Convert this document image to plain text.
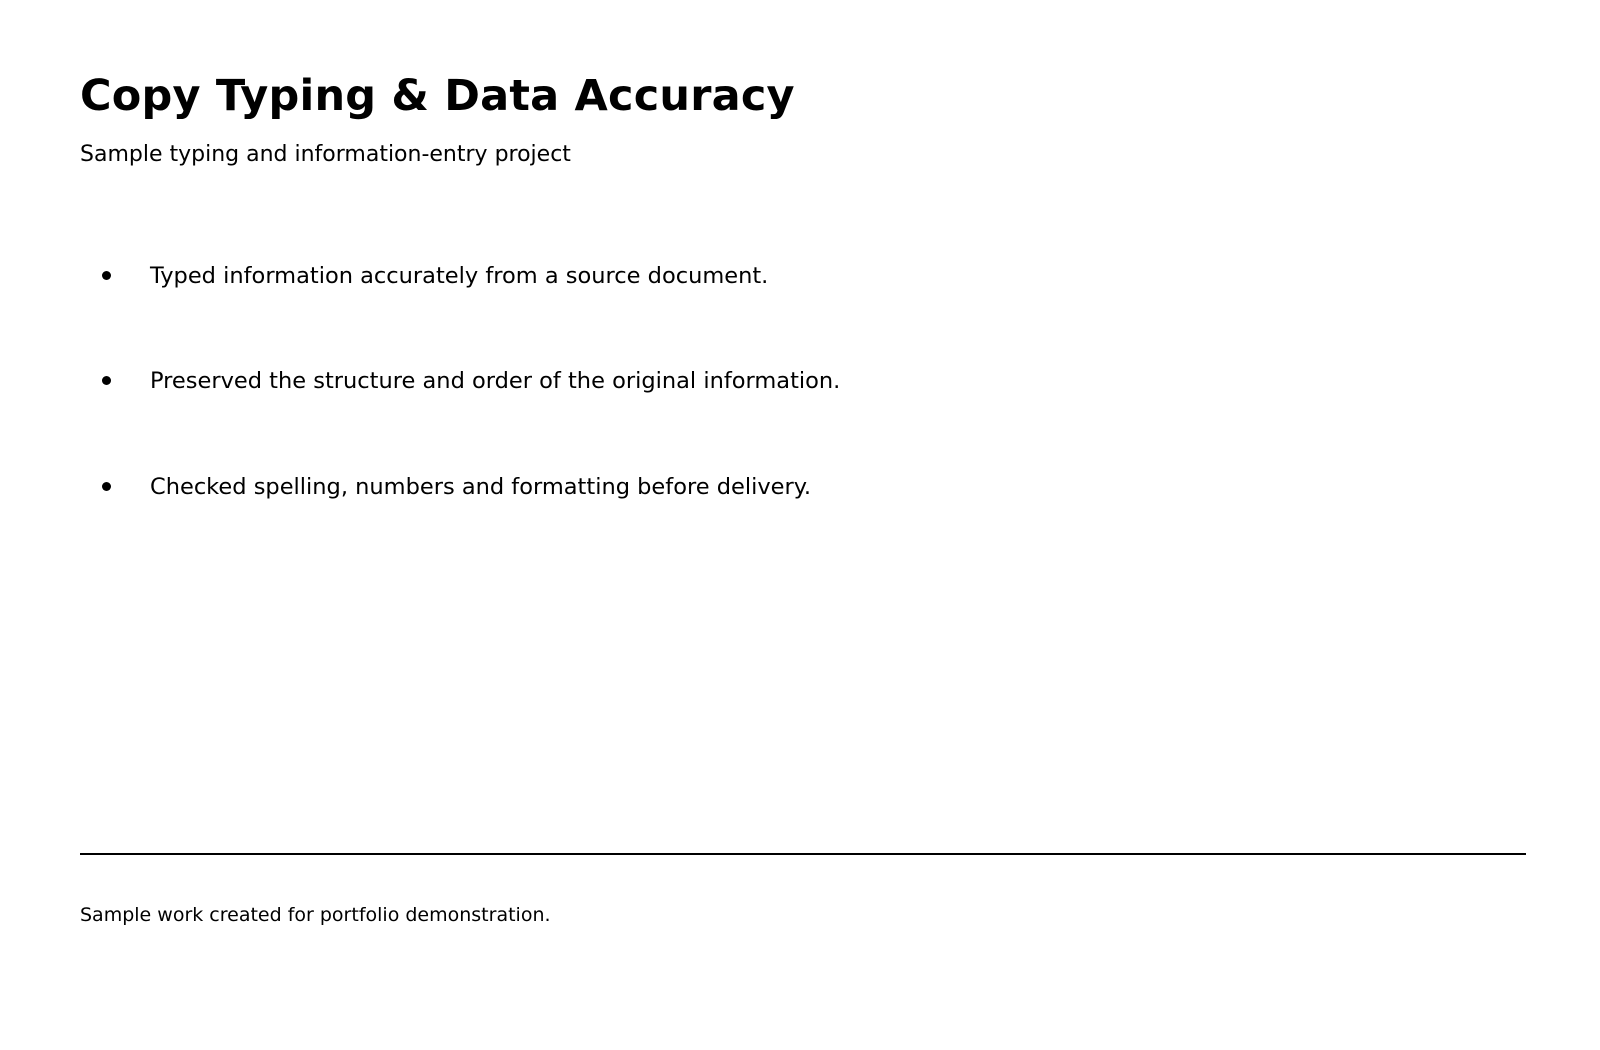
Copy Typing & Data Accuracy

Sample typing and information-entry project

Typed information accurately from a source document.
Preserved the structure and order of the original information.
Checked spelling, numbers and formatting before delivery.

Sample work created for portfolio demonstration.
